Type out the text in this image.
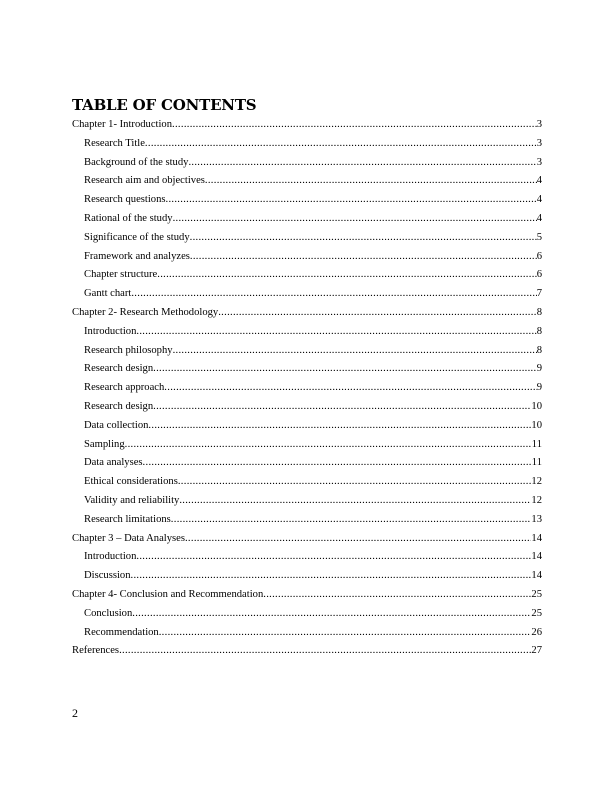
TABLE OF CONTENTS
Chapter 1- Introduction .....	3
Research Title .....	3
Background of the study .....	3
Research aim and objectives .....	4
Research questions .....	4
Rational of the study .....	4
Significance of the study .....	5
Framework and analyzes .....	6
Chapter structure .....	6
Gantt chart .....	7
Chapter 2- Research Methodology .....	8
Introduction .....	8
Research philosophy .....	8
Research design .....	9
Research approach .....	9
Research design .....	10
Data collection .....	10
Sampling .....	11
Data analyses .....	11
Ethical considerations .....	12
Validity and reliability .....	12
Research limitations .....	13
Chapter 3 – Data Analyses .....	14
Introduction .....	14
Discussion .....	14
Chapter 4- Conclusion and Recommendation .....	25
Conclusion .....	25
Recommendation .....	26
References .....	27
2
